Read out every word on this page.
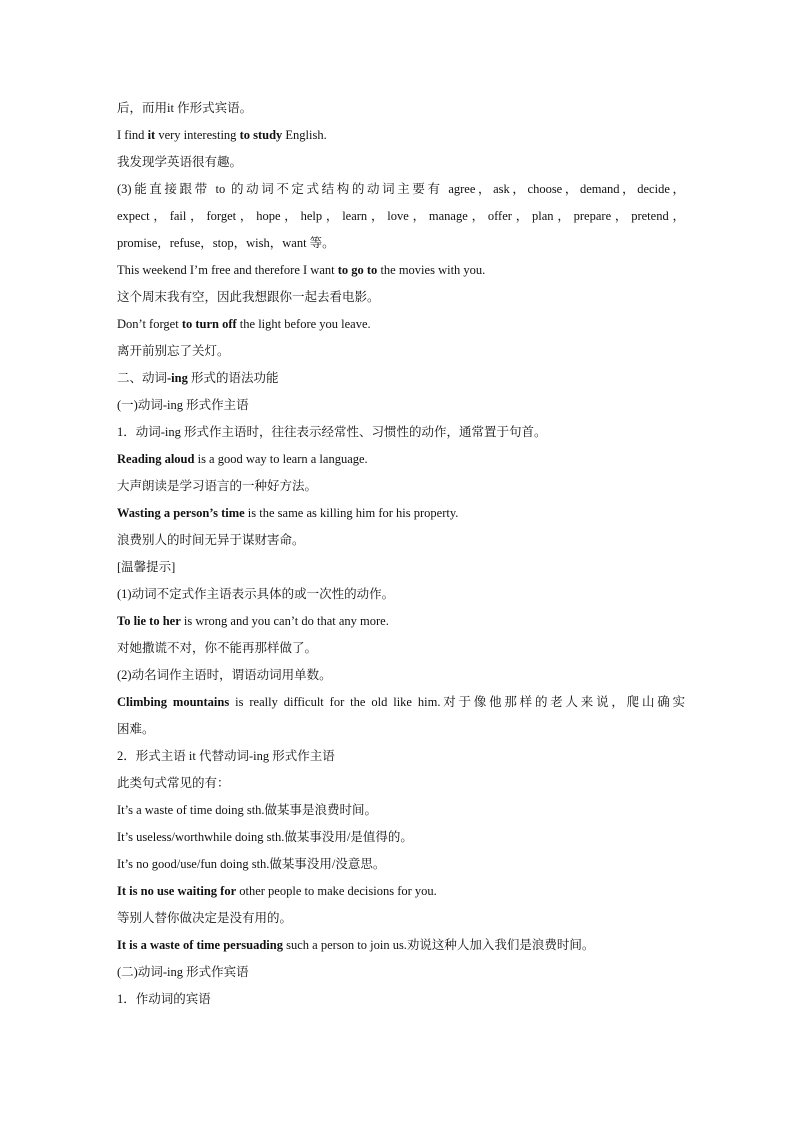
后，而用it 作形式宾语。
I find it very interesting to study English.
我发现学英语很有趣。
(3)能直接跟带 to 的动词不定式结构的动词主要有 agree，ask，choose，demand，decide，
expect，fail，forget，hope，help，learn，love，manage，offer，plan，prepare，pretend，
promise，refuse，stop，wish，want 等。
This weekend I’m free and therefore I want to go to the movies with you.
这个周末我有空，因此我想跟你一起去看电影。
Don’t forget to turn off the light before you leave.
离开前别忘了关灯。
二、动词-ing 形式的语法功能
(一)动词-ing 形式作主语
1．动词-ing 形式作主语时，往往表示经常性、习惯性的动作，通常置于句首。
Reading aloud is a good way to learn a language.
大声朗读是学习语言的一种好方法。
Wasting a person’s time is the same as killing him for his property.
浪费别人的时间无异于谋财害命。
[温馨提示]
(1)动词不定式作主语表示具体的或一次性的动作。
To lie to her is wrong and you can’t do that any more.
对她撒谎不对，你不能再那样做了。
(2)动名词作主语时，谓语动词用单数。
Climbing mountains is really difficult for the old like him.对于像他那样的老人来说，爬山确实
困难。
2．形式主语 it 代替动词-ing 形式作主语
此类句式常见的有：
It’s a waste of time doing sth.做某事是浪费时间。
It’s useless/worthwhile doing sth.做某事没用/是值得的。
It’s no good/use/fun doing sth.做某事没用/没意思。
It is no use waiting for other people to make decisions for you.
等别人替你做决定是没有用的。
It is a waste of time persuading such a person to join us.劝说这种人加入我们是浪费时间。
(二)动词-ing 形式作宾语
1．作动词的宾语
